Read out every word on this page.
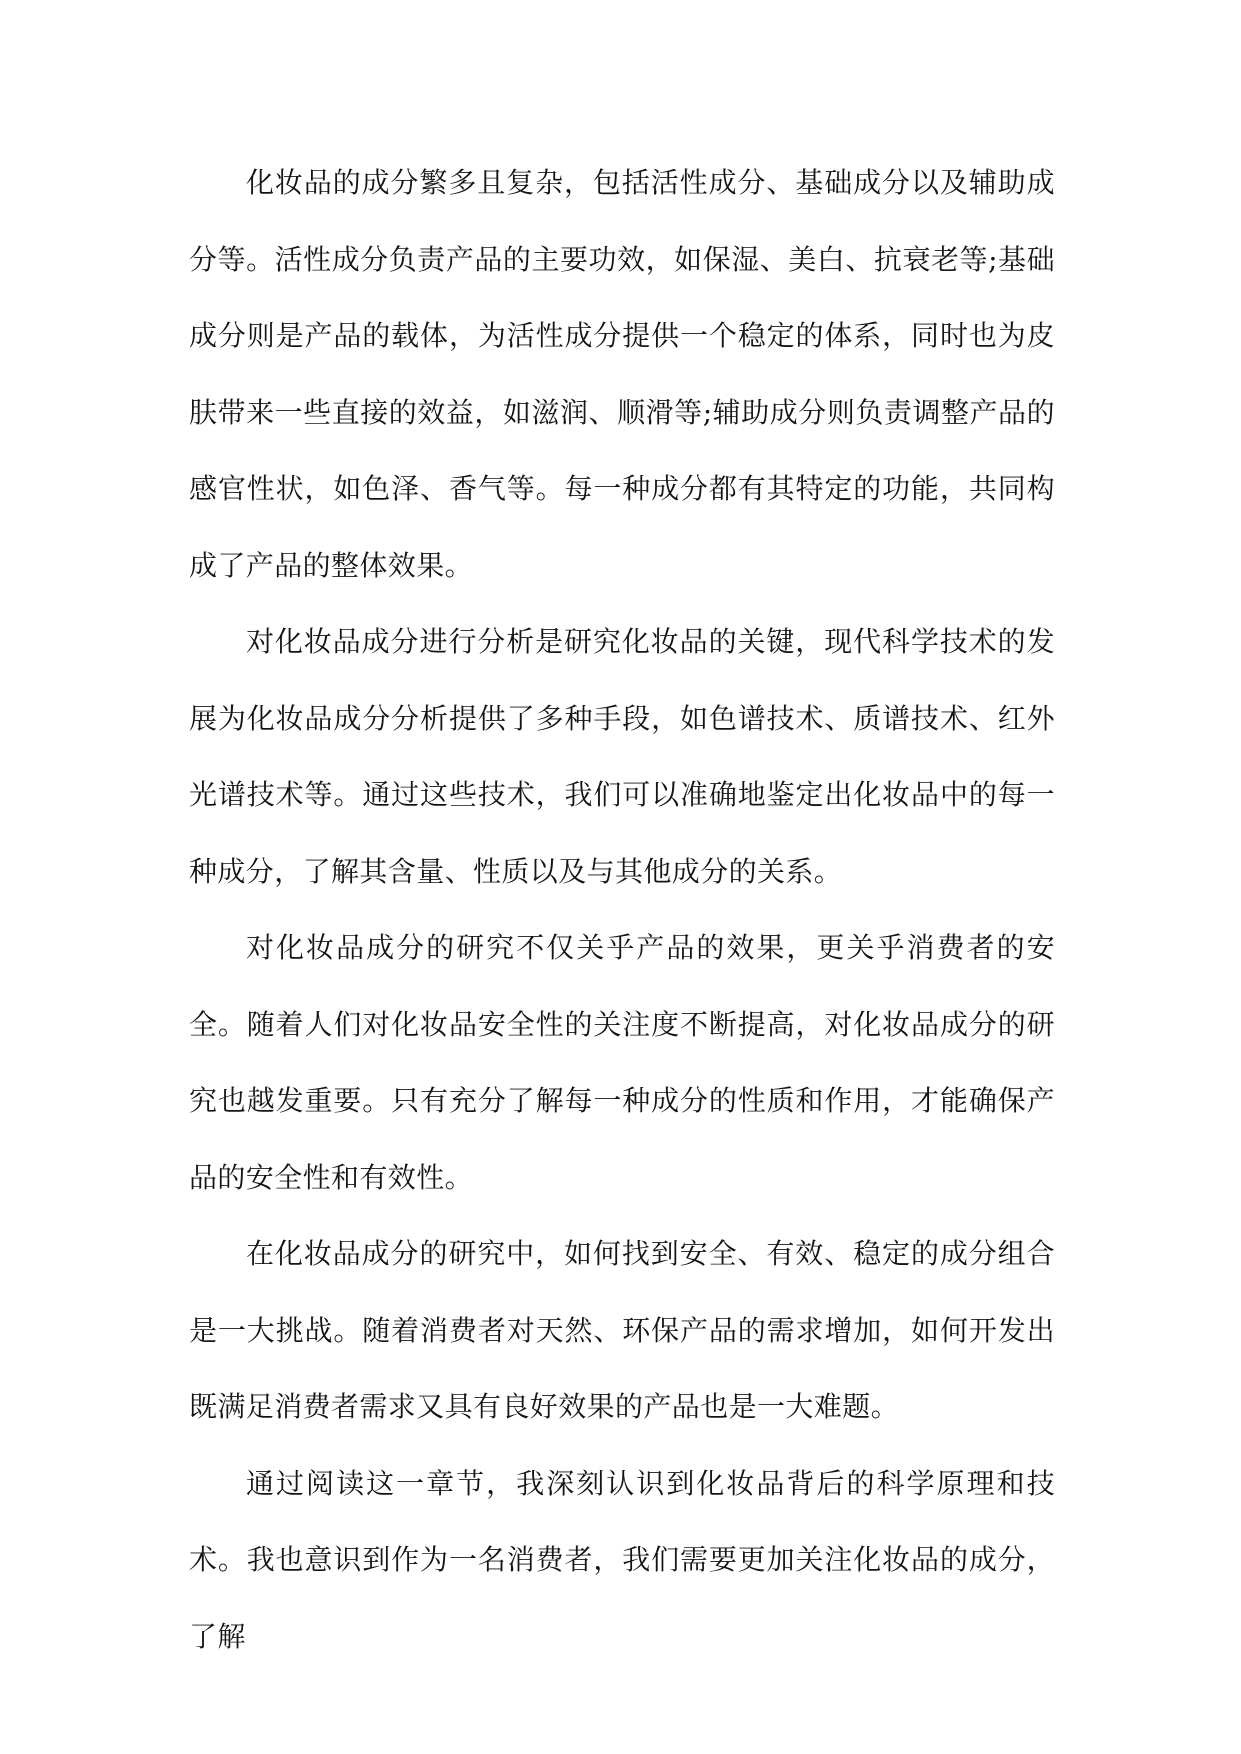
化妆品的成分繁多且复杂，包括活性成分、基础成分以及辅助成分等。活性成分负责产品的主要功效，如保湿、美白、抗衰老等;基础成分则是产品的载体，为活性成分提供一个稳定的体系，同时也为皮肤带来一些直接的效益，如滋润、顺滑等;辅助成分则负责调整产品的感官性状，如色泽、香气等。每一种成分都有其特定的功能，共同构成了产品的整体效果。

对化妆品成分进行分析是研究化妆品的关键，现代科学技术的发展为化妆品成分分析提供了多种手段，如色谱技术、质谱技术、红外光谱技术等。通过这些技术，我们可以准确地鉴定出化妆品中的每一种成分，了解其含量、性质以及与其他成分的关系。

对化妆品成分的研究不仅关乎产品的效果，更关乎消费者的安全。随着人们对化妆品安全性的关注度不断提高，对化妆品成分的研究也越发重要。只有充分了解每一种成分的性质和作用，才能确保产品的安全性和有效性。

在化妆品成分的研究中，如何找到安全、有效、稳定的成分组合是一大挑战。随着消费者对天然、环保产品的需求增加，如何开发出既满足消费者需求又具有良好效果的产品也是一大难题。

通过阅读这一章节，我深刻认识到化妆品背后的科学原理和技术。我也意识到作为一名消费者，我们需要更加关注化妆品的成分，了解
